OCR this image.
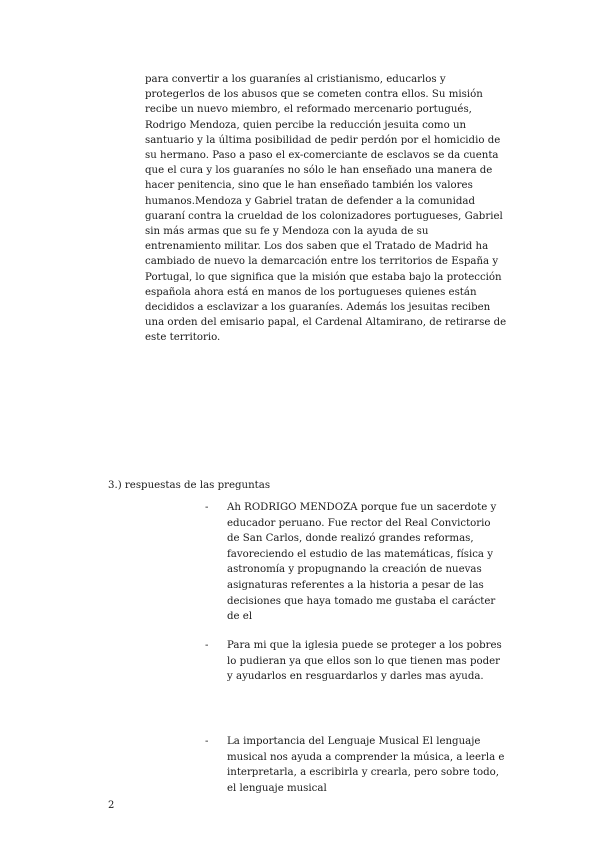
para convertir a los guaraníes al cristianismo, educarlos y protegerlos de los abusos que se cometen contra ellos. Su misión recibe un nuevo miembro, el reformado mercenario portugués, Rodrigo Mendoza, quien percibe la reducción jesuita como un santuario y la última posibilidad de pedir perdón por el homicidio de su hermano. Paso a paso el ex-comerciante de esclavos se da cuenta que el cura y los guaraníes no sólo le han enseñado una manera de hacer penitencia, sino que le han enseñado también los valores humanos.Mendoza y Gabriel tratan de defender a la comunidad guaraní contra la crueldad de los colonizadores portugueses, Gabriel sin más armas que su fe y Mendoza con la ayuda de su entrenamiento militar. Los dos saben que el Tratado de Madrid ha cambiado de nuevo la demarcación entre los territorios de España y Portugal, lo que significa que la misión que estaba bajo la protección española ahora está en manos de los portugueses quienes están decididos a esclavizar a los guaraníes. Además los jesuitas reciben una orden del emisario papal, el Cardenal Altamirano, de retirarse de este territorio.

3.) respuestas de las preguntas
-	Ah RODRIGO MENDOZA porque fue un sacerdote y educador peruano. Fue rector del Real Convictorio de San Carlos, donde realizó grandes reformas, favoreciendo el estudio de las matemáticas, física y astronomía y propugnando la creación de nuevas asignaturas referentes a la historia a pesar de las decisiones que haya tomado me gustaba el carácter de el
-	Para mi que la iglesia puede se proteger a los pobres lo pudieran ya que ellos son lo que tienen mas poder y ayudarlos en resguardarlos y darles mas ayuda.
-	La importancia del Lenguaje Musical El lenguaje musical nos ayuda a comprender la música, a leerla e interpretarla, a escribirla y crearla, pero sobre todo, el lenguaje musical
2
